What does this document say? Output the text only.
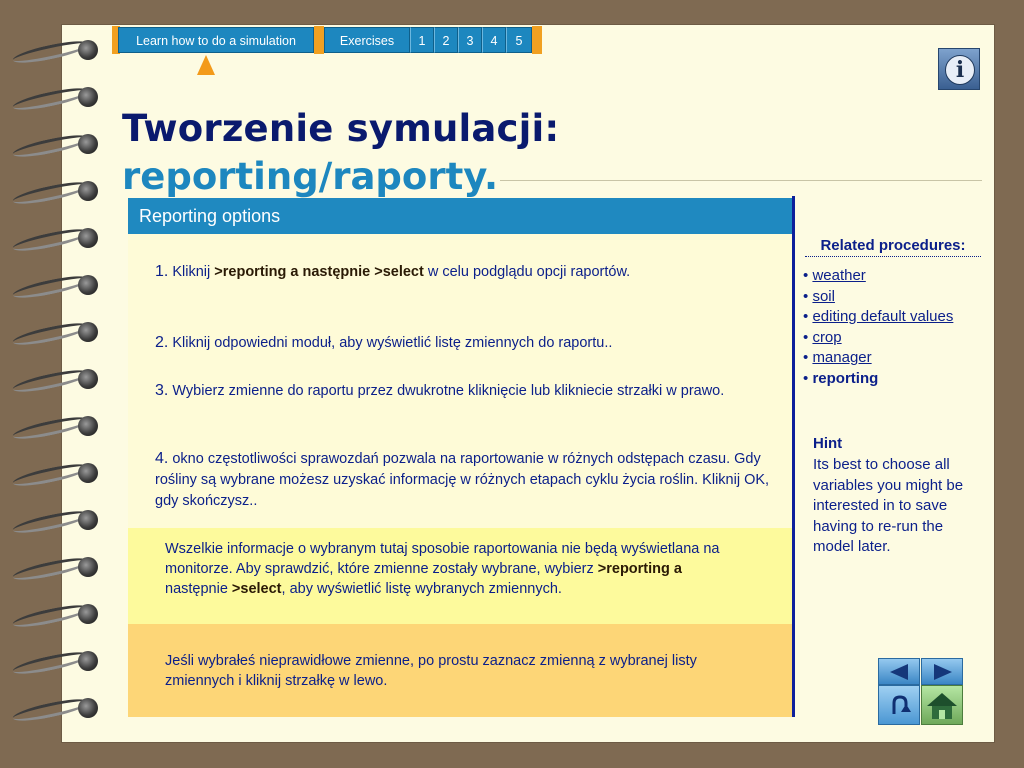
Learn how to do a simulation	Exercises	1	2	3	4	5
i
Tworzenie symulacji:
reporting/raporty.
Reporting options
1. Kliknij >reporting a następnie >select w celu podglądu opcji raportów.
2. Kliknij odpowiedni moduł, aby wyświetlić listę zmiennych do raportu..
3. Wybierz zmienne do raportu przez dwukrotne kliknięcie lub klikniecie strzałki w prawo.
4. okno częstotliwości sprawozdań pozwala na raportowanie w różnych odstępach czasu. Gdy rośliny są wybrane możesz uzyskać informację w różnych etapach cyklu życia roślin. Kliknij OK, gdy skończysz..
Wszelkie informacje o wybranym tutaj sposobie raportowania nie będą wyświetlana na monitorze. Aby sprawdzić, które zmienne zostały wybrane, wybierz >reporting a następnie >select, aby wyświetlić listę wybranych zmiennych.
Jeśli wybrałeś nieprawidłowe zmienne, po prostu zaznacz zmienną z wybranej listy zmiennych i kliknij strzałkę w lewo.
Related procedures:
• weather
• soil
• editing default values
• crop
• manager
• reporting
Hint
Its best to choose all variables you might be interested in to save having to re-run the model later.
